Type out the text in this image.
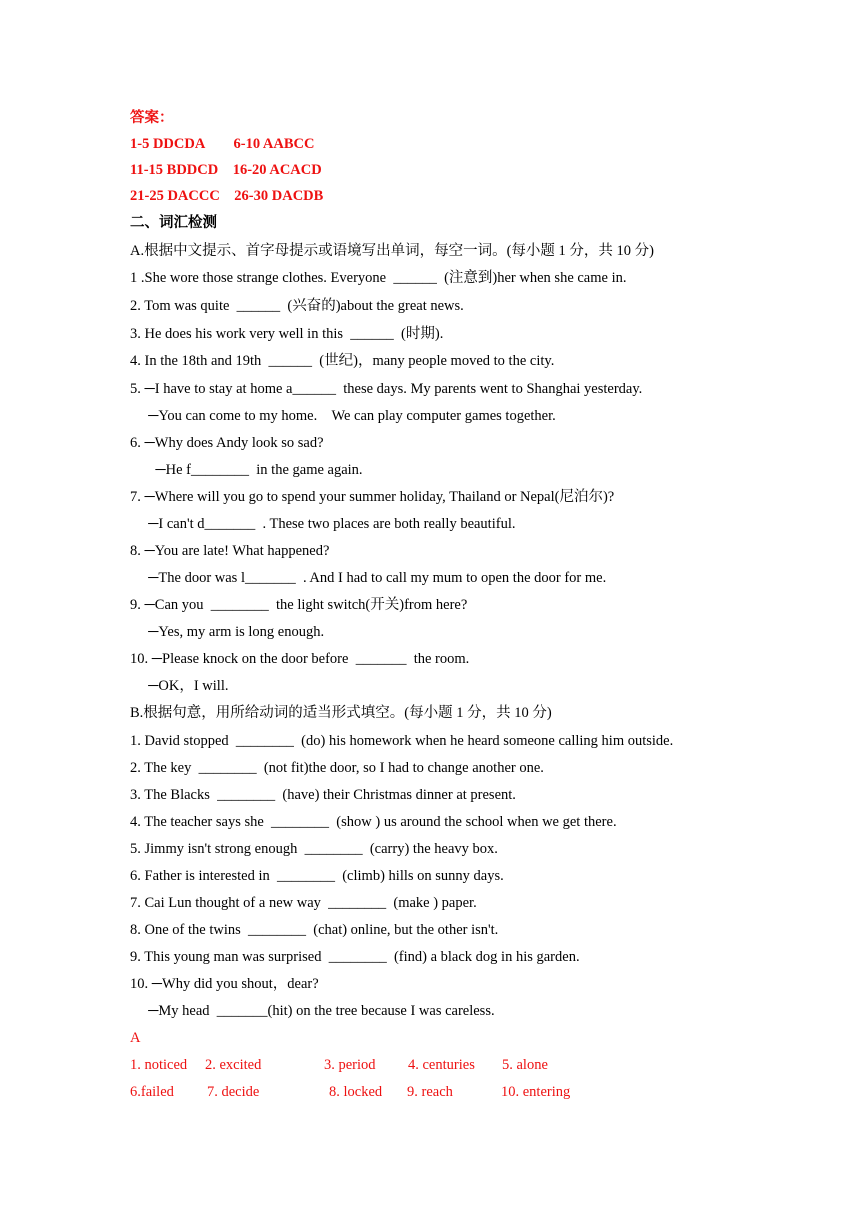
答案：
1-5 DDCDA        6-10 AABCC
11-15 BDDCD    16-20 ACACD
21-25 DACCC    26-30 DACDB
二、词汇检测
A.根据中文提示、首字母提示或语境写出单词，每空一词。(每小题 1 分，共 10 分)
1 .She wore those strange clothes. Everyone  ______  (注意到)her when she came in.
2. Tom was quite  ______  (兴奋的)about the great news.
3. He does his work very well in this  ______  (时期).
4. In the 18th and 19th  ______  (世纪)，many people moved to the city.
5. ─I have to stay at home a______  these days. My parents went to Shanghai yesterday.
─You can come to my home.    We can play computer games together.
6. ─Why does Andy look so sad?
─He f________  in the game again.
7. ─Where will you go to spend your summer holiday, Thailand or Nepal(尼泊尔)?
─I can't d_______  . These two places are both really beautiful.
8. ─You are late! What happened?
─The door was l_______  . And I had to call my mum to open the door for me.
9. ─Can you  ________  the light switch(开关)from here?
─Yes, my arm is long enough.
10. ─Please knock on the door before  _______  the room.
─OK，I will.
B.根据句意，用所给动词的适当形式填空。(每小题 1 分，共 10 分)
1. David stopped  ________  (do) his homework when he heard someone calling him outside.
2. The key  ________  (not fit)the door, so I had to change another one.
3. The Blacks  ________  (have) their Christmas dinner at present.
4. The teacher says she  ________  (show ) us around the school when we get there.
5. Jimmy isn't strong enough  ________  (carry) the heavy box.
6. Father is interested in  ________  (climb) hills on sunny days.
7. Cai Lun thought of a new way  ________  (make ) paper.
8. One of the twins  ________  (chat) online, but the other isn't.
9. This young man was surprised  ________  (find) a black dog in his garden.
10. ─Why did you shout，dear?
─My head  _______(hit) on the tree because I was careless.
A
1. noticed 2. excited	3. period 4. centuries 5. alone
6.failed 7. decide	8. locked 9. reach	10. entering
